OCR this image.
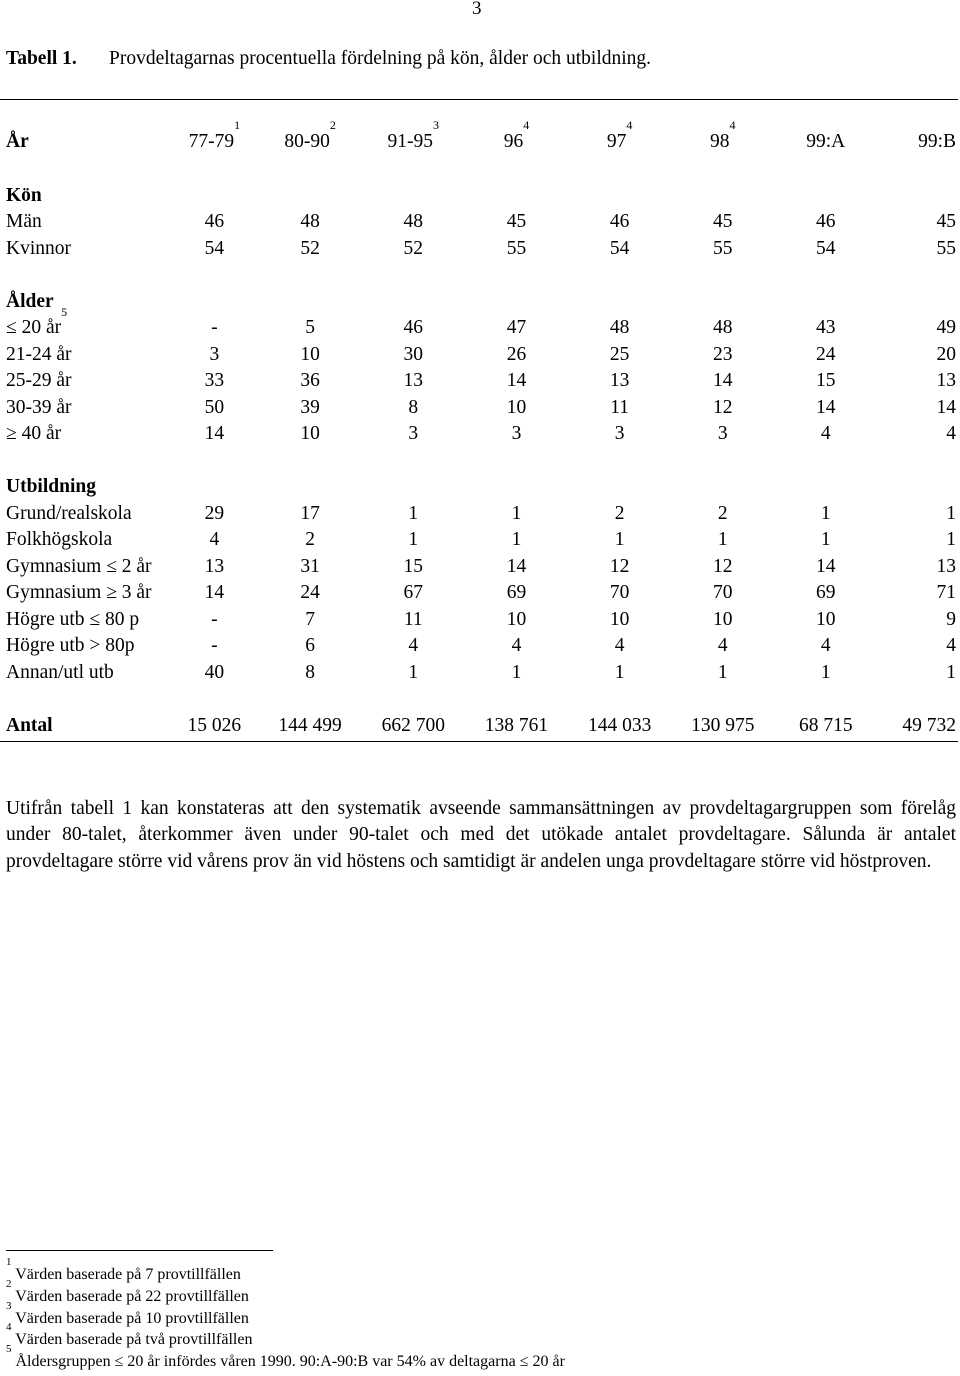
3
Tabell 1. Provdeltagarnas procentuella fördelning på kön, ålder och utbildning.
År	$77-79^1$	$80-90^2$	$91-95^3$	$96^4$	$97^4$	$98^4$	99:A	99:B

Kön								
Män	46	48	48	45	46	45	46	45
Kvinnor	54	52	52	55	54	55	54	55

Ålder								
≤ 20 $år^5$	-	5	46	47	48	48	43	49
21-24 år	3	10	30	26	25	23	24	20
25-29 år	33	36	13	14	13	14	15	13
30-39 år	50	39	8	10	11	12	14	14
≥ 40 år	14	10	3	3	3	3	4	4

Utbildning								
Grund/realskola	29	17	1	1	2	2	1	1
Folkhögskola	4	2	1	1	1	1	1	1
Gymnasium ≤ 2 år	13	31	15	14	12	12	14	13
Gymnasium ≥ 3 år	14	24	67	69	70	70	69	71
Högre utb ≤ 80 p	-	7	11	10	10	10	10	9
Högre utb > 80p	-	6	4	4	4	4	4	4
Annan/utl utb	40	8	1	1	1	1	1	1

Antal	15 026	144 499	662 700	138 761	144 033	130 975	68 715	49 732
Utifrån tabell 1 kan konstateras att den systematik avseende sammansättningen av provdeltagargruppen som förelåg under 80-talet, återkommer även under 90-talet och med det utökade antalet provdeltagare. Sålunda är antalet provdeltagare större vid vårens prov än vid höstens och samtidigt är andelen unga provdeltagare större vid höstproven.
$^1$ Värden baserade på 7 provtillfällen
$^2$ Värden baserade på 22 provtillfällen
$^3$ Värden baserade på 10 provtillfällen
$^4$ Värden baserade på två provtillfällen
$^5$ Åldersgruppen ≤ 20 år infördes våren 1990. 90:A-90:B var 54% av deltagarna ≤ 20 år
